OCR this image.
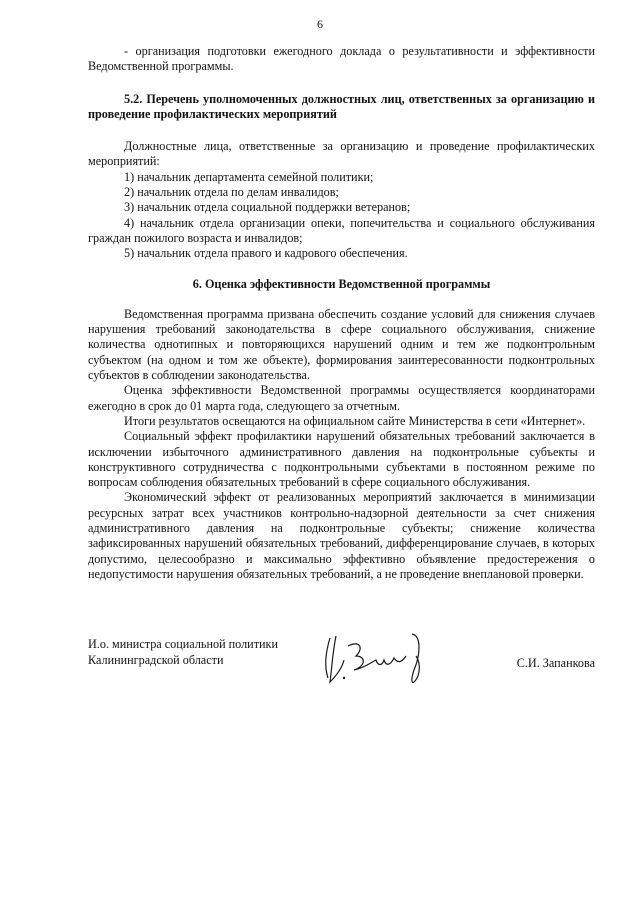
6

- организация подготовки ежегодного доклада о результативности и эффективности Ведомственной программы.

5.2. Перечень уполномоченных должностных лиц, ответственных за организацию и проведение профилактических мероприятий

Должностные лица, ответственные за организацию и проведение профилактических мероприятий:

1) начальник департамента семейной политики;

2) начальник отдела по делам инвалидов;

3) начальник отдела социальной поддержки ветеранов;

4) начальник отдела организации опеки, попечительства и социального обслуживания граждан пожилого возраста и инвалидов;

5) начальник отдела правого и кадрового обеспечения.

6. Оценка эффективности Ведомственной программы

Ведомственная программа призвана обеспечить создание условий для снижения случаев нарушения требований законодательства в сфере социального обслуживания, снижение количества однотипных и повторяющихся нарушений одним и тем же подконтрольным субъектом (на одном и том же объекте), формирования заинтересованности подконтрольных субъектов в соблюдении законодательства.

Оценка эффективности Ведомственной программы осуществляется координаторами ежегодно в срок до 01 марта года, следующего за отчетным.

Итоги результатов освещаются на официальном сайте Министерства в сети «Интернет».

Социальный эффект профилактики нарушений обязательных требований заключается в исключении избыточного административного давления на подконтрольные субъекты и конструктивного сотрудничества с подконтрольными субъектами в постоянном режиме по вопросам соблюдения обязательных требований в сфере социального обслуживания.

Экономический эффект от реализованных мероприятий заключается в минимизации ресурсных затрат всех участников контрольно-надзорной деятельности за счет снижения административного давления на подконтрольные субъекты; снижение количества зафиксированных нарушений обязательных требований, дифференцирование случаев, в которых допустимо, целесообразно и максимально эффективно объявление предостережения о недопустимости нарушения обязательных требований, а не проведение внеплановой проверки.

И.о. министра социальной политики
Калининградской области	С.И. Запанкова
